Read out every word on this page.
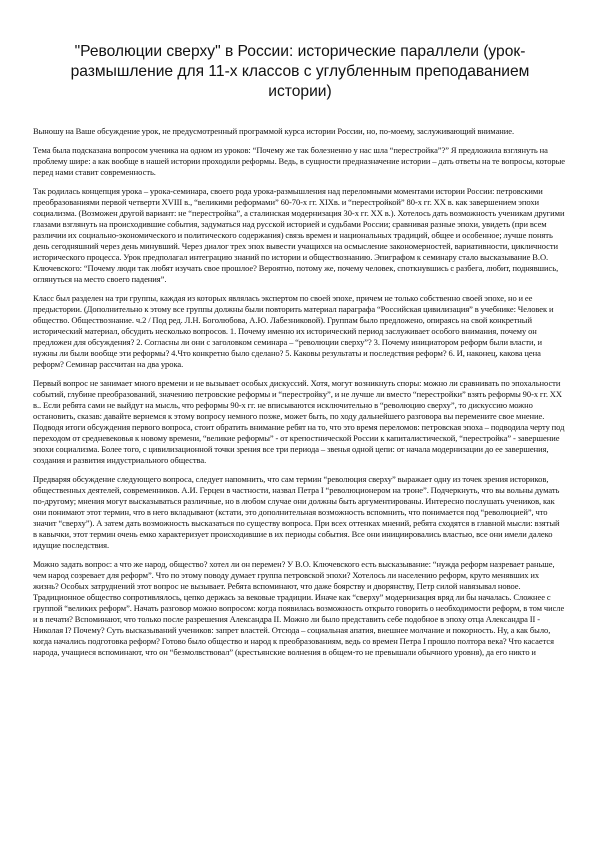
"Революции сверху" в России: исторические параллели (урок-размышление для 11-х классов с углубленным преподаванием истории)

Выношу на Ваше обсуждение урок, не предусмотренный программой курса истории России, но, по-моему, заслуживающий внимание.

Тема была подсказана вопросом ученика на одном из уроков: “Почему же так болезненно у нас шла “перестройка”?” Я предложила взглянуть на проблему шире: а как вообще в нашей истории проходили реформы. Ведь, в сущности предназначение истории – дать ответы на те вопросы, которые перед нами ставит современность.

Так родилась концепция урока – урока-семинара, своего рода урока-размышления над переломными моментами истории России: петровскими преобразованиями первой четверти XVIII в., “великими реформами” 60-70-х гг. XIXв. и “перестройкой” 80-х гг. XX в. как завершением эпохи социализма. (Возможен другой вариант: не “перестройка”, а сталинская модернизация 30-х гг. XX в.). Хотелось дать возможность ученикам другими глазами взглянуть на происходившие события, задуматься над русской историей и судьбами России; сравнивая разные эпохи, увидеть (при всем различии их социально-экономического и политического содержания) связь времен и национальных традиций, общее и особенное; лучше понять день сегодняшний через день минувший. Через диалог трех эпох вывести учащихся на осмысление закономерностей, вариативности, цикличности исторического процесса. Урок предполагал интеграцию знаний по истории и обществознанию. Эпиграфом к семинару стало высказывание В.О. Ключевского: “Почему люди так любят изучать свое прошлое? Вероятно, потому же, почему человек, споткнувшись с разбега, любит, поднявшись, оглянуться на место своего падения”.

Класс был разделен на три группы, каждая из которых являлась экспертом по своей эпохе, причем не только собственно своей эпохе, но и ее предыстории. (Дополнительно к этому все группы должны были повторить материал параграфа “Российская цивилизация” в учебнике: Человек и общество. Обществознание. ч.2 / Под ред. Л.Н. Боголюбова, А.Ю. Лабезниковой). Группам было предложено, опираясь на свой конкретный исторический материал, обсудить несколько вопросов. 1. Почему именно их исторический период заслуживает особого внимания, почему он предложен для обсуждения? 2. Согласны ли они с заголовком семинара – “революции сверху”? 3. Почему инициатором реформ были власти, и нужны ли были вообще эти реформы? 4.Что конкретно было сделано? 5. Каковы результаты и последствия реформ? 6. И, наконец, какова цена реформ? Семинар рассчитан на два урока.

Первый вопрос не занимает много времени и не вызывает особых дискуссий. Хотя, могут возникнуть споры: можно ли сравнивать по эпохальности событий, глубине преобразований, значению петровские реформы и “перестройку”, и не лучше ли вместо “перестройки” взять реформы 90-х гг. XX в.. Если ребята сами не выйдут на мысль, что реформы 90-х гг. не вписываются исключительно в “революцию сверху”, то дискуссию можно остановить, сказав: давайте вернемся к этому вопросу немного позже, может быть, по ходу дальнейшего разговора вы перемените свое мнение. Подводя итоги обсуждения первого вопроса, стоит обратить внимание ребят на то, что это время переломов: петровская эпоха – подводила черту под переходом от средневековья к новому времени, “великие реформы” - от крепостнической России к капиталистической, “перестройка” - завершение эпохи социализма. Более того, с цивилизационной точки зрения все три периода – звенья одной цепи: от начала модернизации до ее завершения, создания и развития индустриального общества.

Предваряя обсуждение следующего вопроса, следует напомнить, что сам термин “революция сверху” выражает одну из точек зрения историков, общественных деятелей, современников. А.И. Герцен в частности, назвал Петра I “революционером на троне”. Подчеркнуть, что вы вольны думать по-другому; мнения могут высказываться различные, но в любом случае они должны быть аргументированы. Интересно послушать учеников, как они понимают этот термин, что в него вкладывают (кстати, это дополнительная возможность вспомнить, что понимается под “революцией”, что значит “сверху”). А затем дать возможность высказаться по существу вопроса. При всех оттенках мнений, ребята сходятся в главной мысли: взятый в кавычки, этот термин очень емко характеризует происходившие в их периоды события. Все они инициировались властью, все они имели далеко идущие последствия.

Можно задать вопрос: а что же народ, общество? хотел ли он перемен? У В.О. Ключевского есть высказывание: “нужда реформ назревает раньше, чем народ созревает для реформ”. Что по этому поводу думает группа петровской эпохи? Хотелось ли населению реформ, круто менявших их жизнь? Особых затруднений этот вопрос не вызывает. Ребята вспоминают, что даже боярству и дворянству, Петр силой навязывал новое. Традиционное общество сопротивлялось, цепко держась за вековые традиции. Иначе как “сверху” модернизация вряд ли бы началась. Сложнее с группой “великих реформ”. Начать разговор можно вопросом: когда появилась возможность открыто говорить о необходимости реформ, в том числе и в печати? Вспоминают, что только после разрешения Александра II. Можно ли было представить себе подобное в эпоху отца Александра II - Николая I? Почему? Суть высказываний учеников: запрет властей. Отсюда – социальная апатия, внешнее молчание и покорность. Ну, а как было, когда начались подготовка реформ? Готово было общество и народ к преобразованиям, ведь со времен Петра I прошло полтора века? Что касается народа, учащиеся вспоминают, что он “безмолвствовал” (крестьянские волнения в общем-то не превышали обычного уровня), да его никто и
